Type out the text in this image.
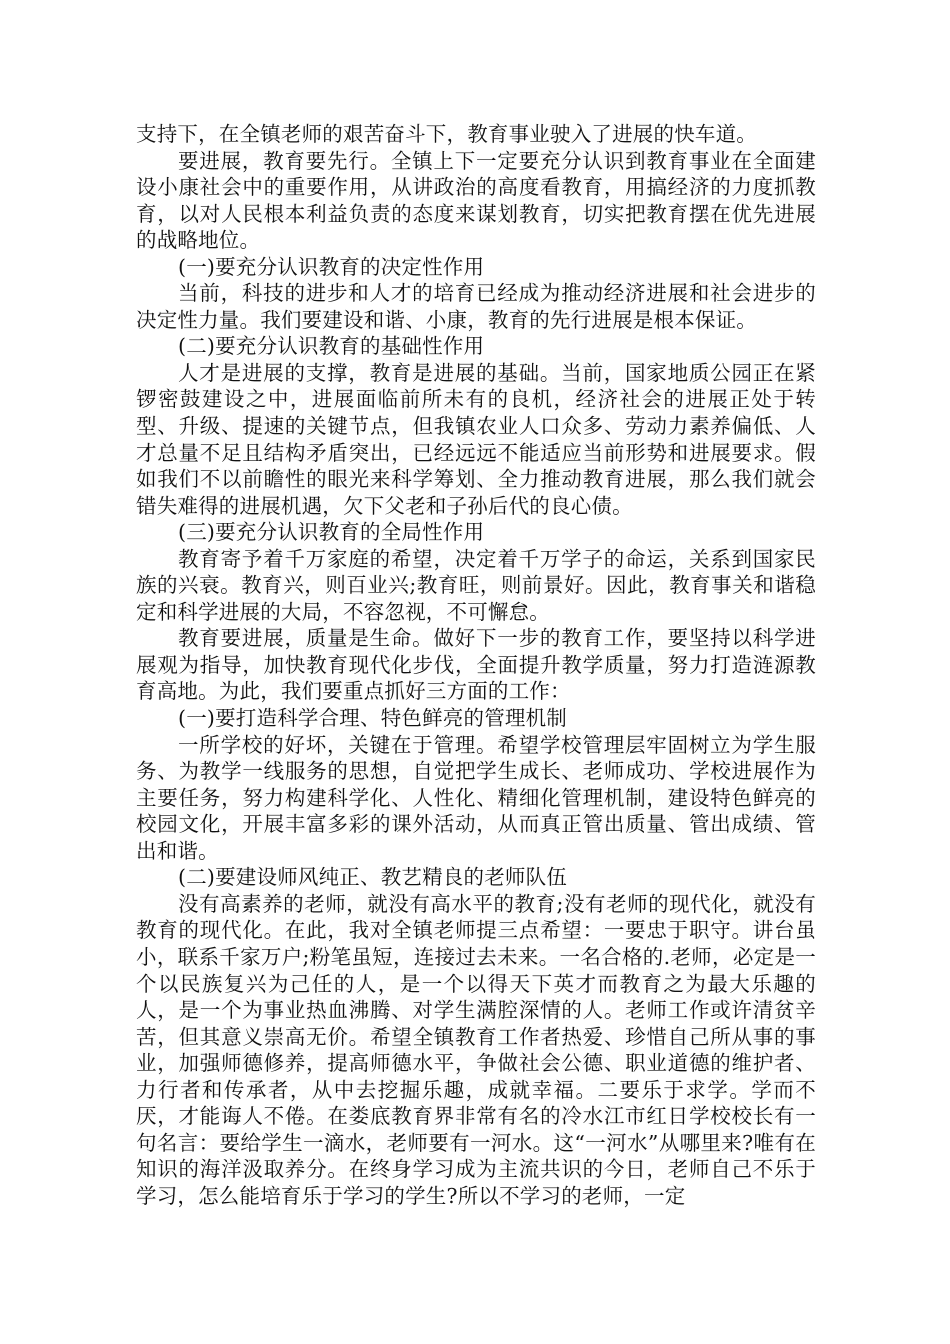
支持下，在全镇老师的艰苦奋斗下，教育事业驶入了进展的快车道。

要进展，教育要先行。全镇上下一定要充分认识到教育事业在全面建设小康社会中的重要作用，从讲政治的高度看教育，用搞经济的力度抓教育，以对人民根本利益负责的态度来谋划教育，切实把教育摆在优先进展的战略地位。

(一)要充分认识教育的决定性作用

当前，科技的进步和人才的培育已经成为推动经济进展和社会进步的决定性力量。我们要建设和谐、小康，教育的先行进展是根本保证。

(二)要充分认识教育的基础性作用

人才是进展的支撑，教育是进展的基础。当前，国家地质公园正在紧锣密鼓建设之中，进展面临前所未有的良机，经济社会的进展正处于转型、升级、提速的关键节点，但我镇农业人口众多、劳动力素养偏低、人才总量不足且结构矛盾突出，已经远远不能适应当前形势和进展要求。假如我们不以前瞻性的眼光来科学筹划、全力推动教育进展，那么我们就会错失难得的进展机遇，欠下父老和子孙后代的良心债。

(三)要充分认识教育的全局性作用

教育寄予着千万家庭的希望，决定着千万学子的命运，关系到国家民族的兴衰。教育兴，则百业兴;教育旺，则前景好。因此，教育事关和谐稳定和科学进展的大局，不容忽视，不可懈怠。

教育要进展，质量是生命。做好下一步的教育工作，要坚持以科学进展观为指导，加快教育现代化步伐，全面提升教学质量，努力打造涟源教育高地。为此，我们要重点抓好三方面的工作：

(一)要打造科学合理、特色鲜亮的管理机制

一所学校的好坏，关键在于管理。希望学校管理层牢固树立为学生服务、为教学一线服务的思想，自觉把学生成长、老师成功、学校进展作为主要任务，努力构建科学化、人性化、精细化管理机制，建设特色鲜亮的校园文化，开展丰富多彩的课外活动，从而真正管出质量、管出成绩、管出和谐。

(二)要建设师风纯正、教艺精良的老师队伍

没有高素养的老师，就没有高水平的教育;没有老师的现代化，就没有教育的现代化。在此，我对全镇老师提三点希望：一要忠于职守。讲台虽小，联系千家万户;粉笔虽短，连接过去未来。一名合格的.老师，必定是一个以民族复兴为己任的人，是一个以得天下英才而教育之为最大乐趣的人，是一个为事业热血沸腾、对学生满腔深情的人。老师工作或许清贫辛苦，但其意义崇高无价。希望全镇教育工作者热爱、珍惜自己所从事的事业，加强师德修养，提高师德水平，争做社会公德、职业道德的维护者、力行者和传承者，从中去挖掘乐趣，成就幸福。二要乐于求学。学而不厌，才能诲人不倦。在娄底教育界非常有名的冷水江市红日学校校长有一句名言：要给学生一滴水，老师要有一河水。这“一河水”从哪里来?唯有在知识的海洋汲取养分。在终身学习成为主流共识的今日，老师自己不乐于学习，怎么能培育乐于学习的学生?所以不学习的老师，一定
